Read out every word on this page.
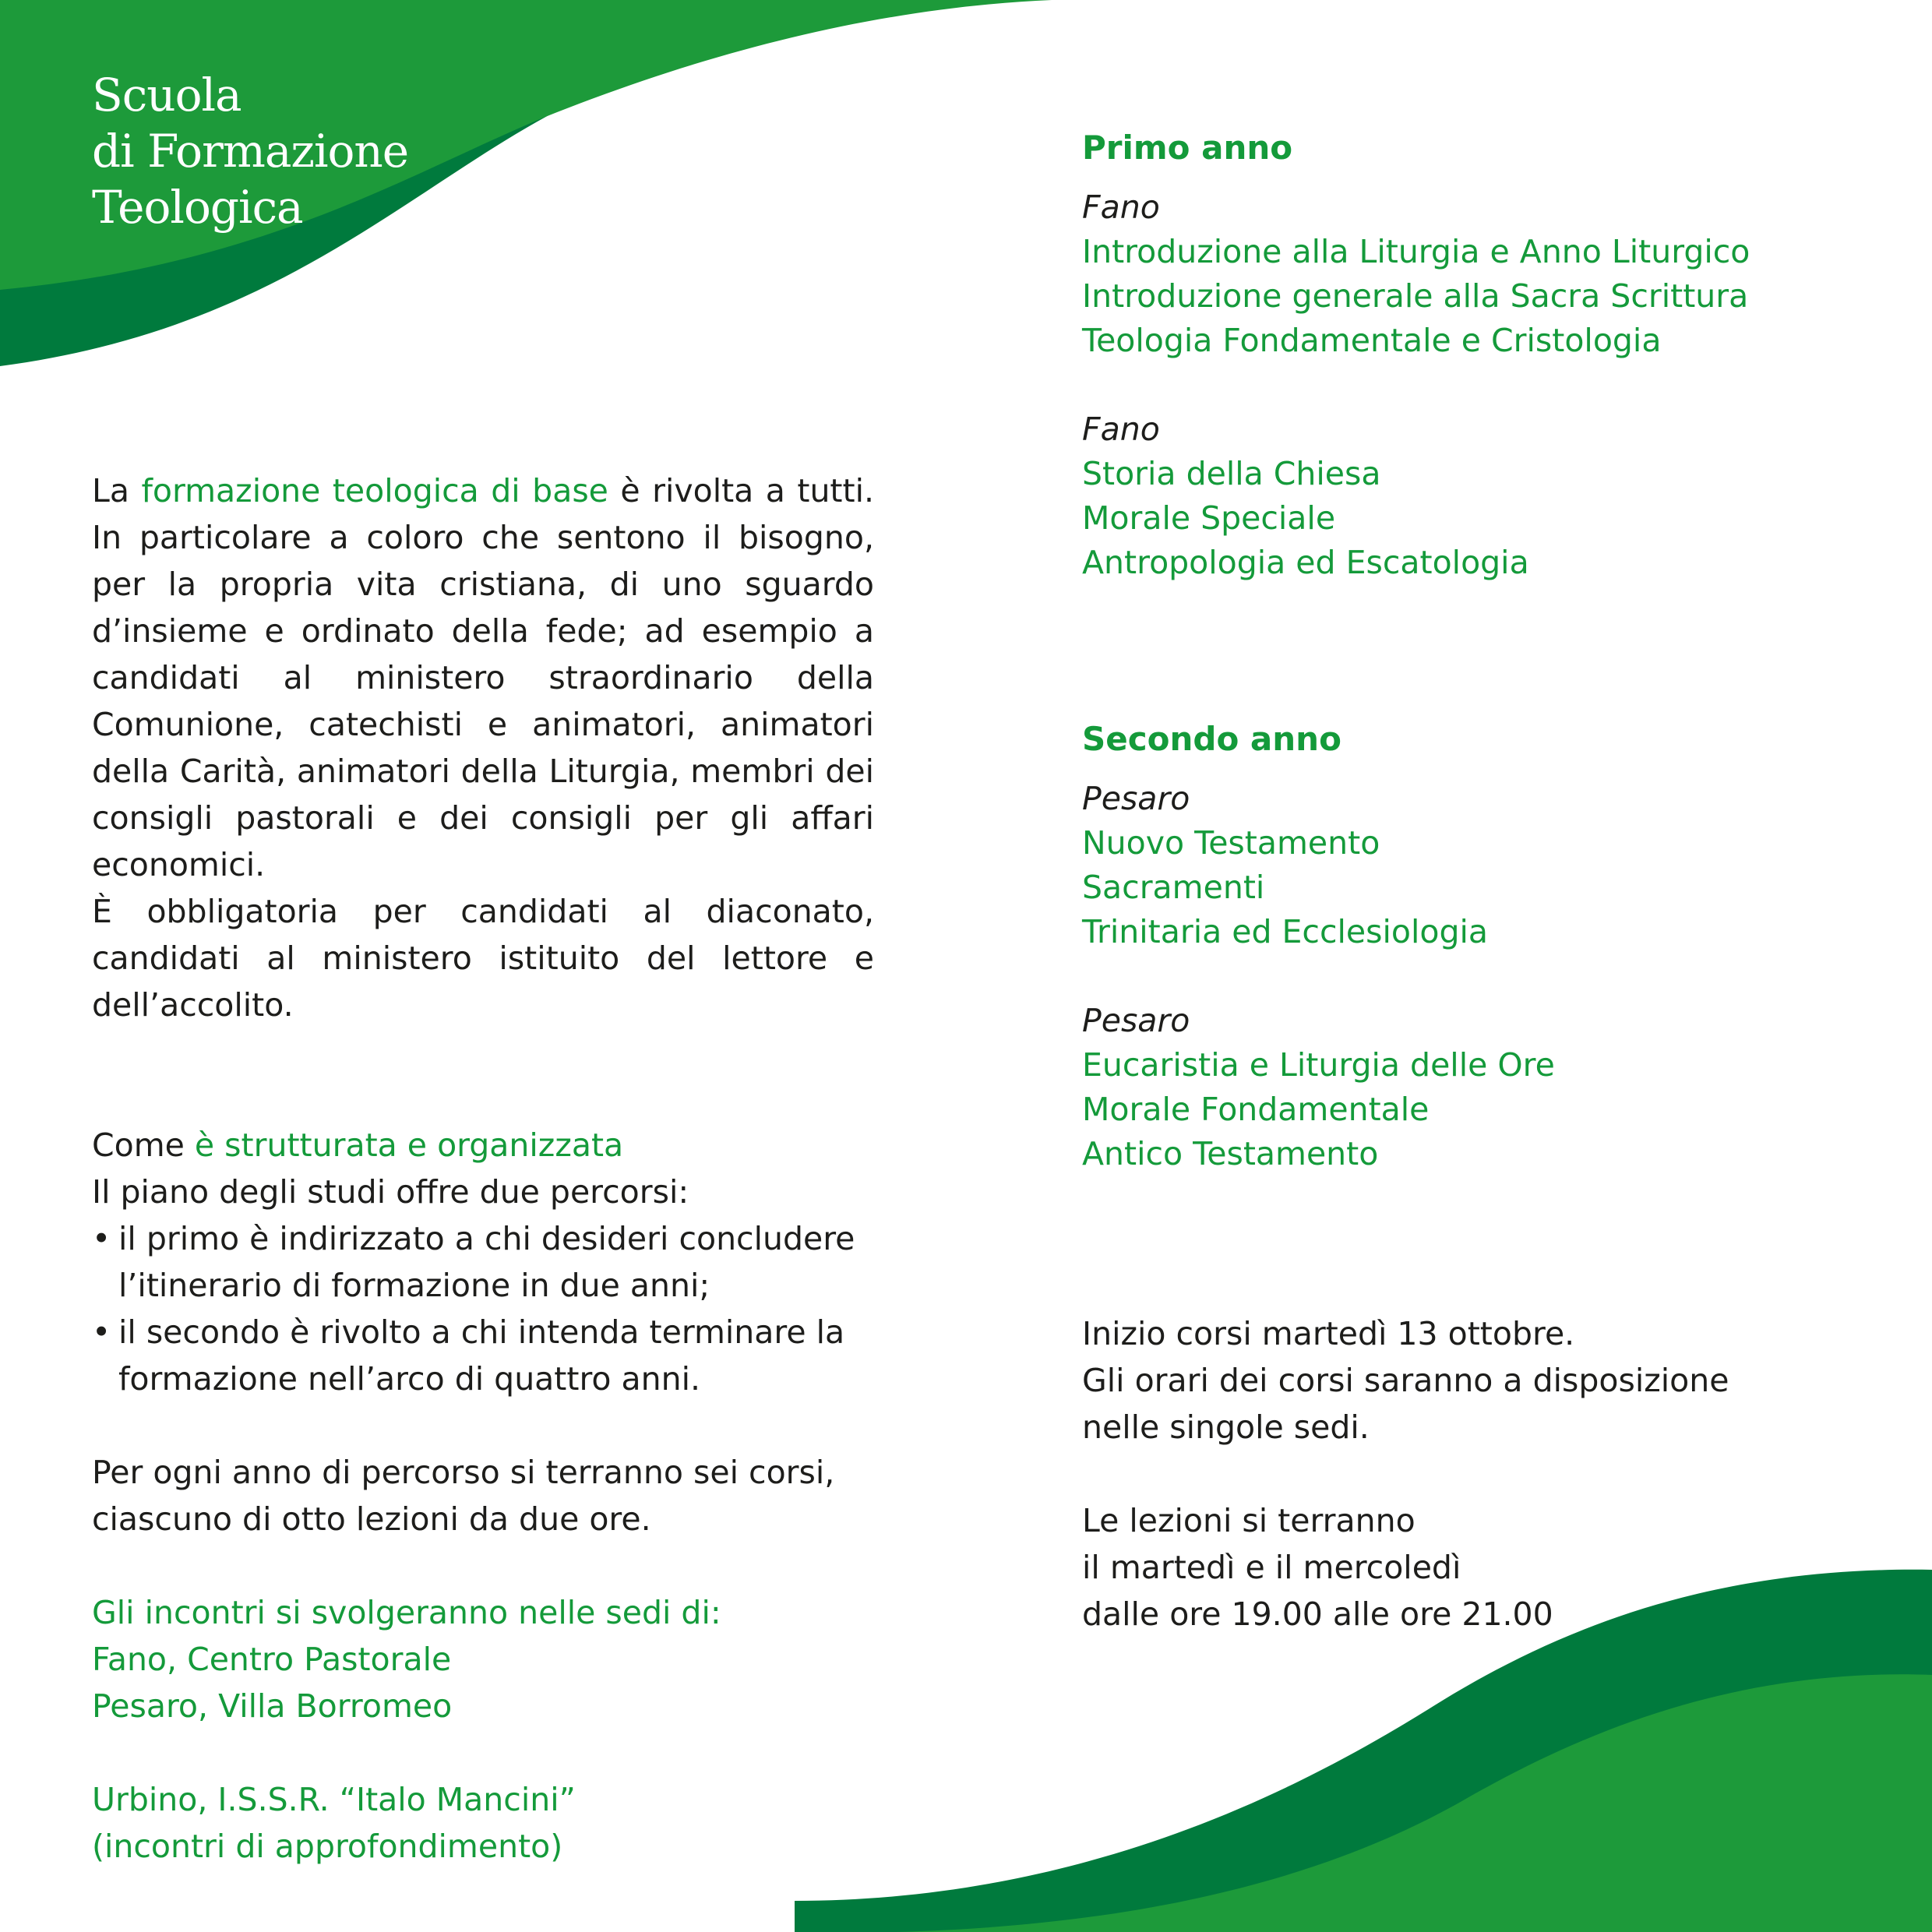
Scuola
di Formazione
Teologica

La formazione teologica di base è rivolta a tutti. In particolare a coloro che sentono il bisogno, per la propria vita cristiana, di uno sguardo d’insieme e ordinato della fede; ad esempio a candidati al ministero straordinario della Comunione, catechisti e animatori, animatori della Carità, animatori della Liturgia, membri dei consigli pastorali e dei consigli per gli affari economici.

È obbligatoria per candidati al diaconato, candidati al ministero istituito del lettore e dell’accolito.

Come è strutturata e organizzata
Il piano degli studi offre due percorsi:
• il primo è indirizzato a chi desideri concludere l’itinerario di formazione in due anni;
• il secondo è rivolto a chi intenda terminare la formazione nell’arco di quattro anni.
Per ogni anno di percorso si terranno sei corsi,
ciascuno di otto lezioni da due ore.
Gli incontri si svolgeranno nelle sedi di:
Fano, Centro Pastorale
Pesaro, Villa Borromeo
Urbino, I.S.S.R. “Italo Mancini”
(incontri di approfondimento)
Primo anno
Fano
Introduzione alla Liturgia e Anno Liturgico
Introduzione generale alla Sacra Scrittura
Teologia Fondamentale e Cristologia
Fano
Storia della Chiesa
Morale Speciale
Antropologia ed Escatologia
Secondo anno
Pesaro
Nuovo Testamento
Sacramenti
Trinitaria ed Ecclesiologia
Pesaro
Eucaristia e Liturgia delle Ore
Morale Fondamentale
Antico Testamento
Inizio corsi martedì 13 ottobre.
Gli orari dei corsi saranno a disposizione
nelle singole sedi.
Le lezioni si terranno
il martedì e il mercoledì
dalle ore 19.00 alle ore 21.00
